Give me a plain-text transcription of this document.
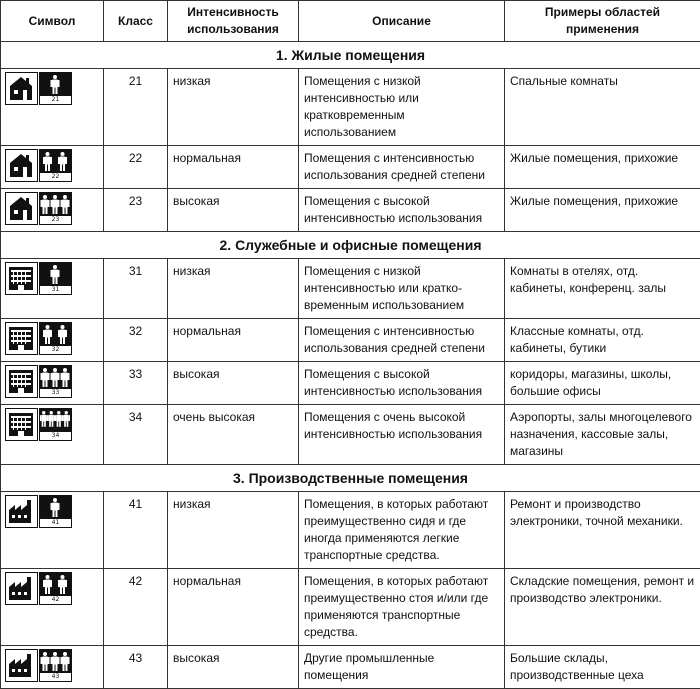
Символ	Класс	Интенсивность использования	Описание	Примеры областей применения
1. Жилые помещения				

21	21	низкая	Помещения с низкой интенсивностью или кратковременным использованием	Спальные комнаты

22	22	нормальная	Помещения с интенсивностью использования средней степени	Жилые помещения, прихожие

23	23	высокая	Помещения с высокой интенсивностью использования	Жилые помещения, прихожие
2. Служебные и офисные помещения				

31	31	низкая	Помещения с низкой интенсивностью или кратко-временным использованием	Комнаты в отелях, отд. кабинеты, конференц. залы

32	32	нормальная	Помещения с интенсивностью использования средней степени	Классные комнаты, отд. кабинеты, бутики

33	33	высокая	Помещения с высокой интенсивностью использования	коридоры, магазины, школы, большие офисы

34	34	очень высокая	Помещения с очень высокой интенсивностью использования	Аэропорты, залы многоцелевого назначения, кассовые залы, магазины
3. Производственные помещения				

41	41	низкая	Помещения, в которых работают преимущественно сидя и где иногда применяются легкие транспортные средства.	Ремонт и производство электроники, точной механики.

42	42	нормальная	Помещения, в которых работают преимущественно стоя и/или где применяются транспортные средства.	Складские помещения, ремонт и производство электроники.

43	43	высокая	Другие промышленные помещения	Большие склады, производственные цеха
